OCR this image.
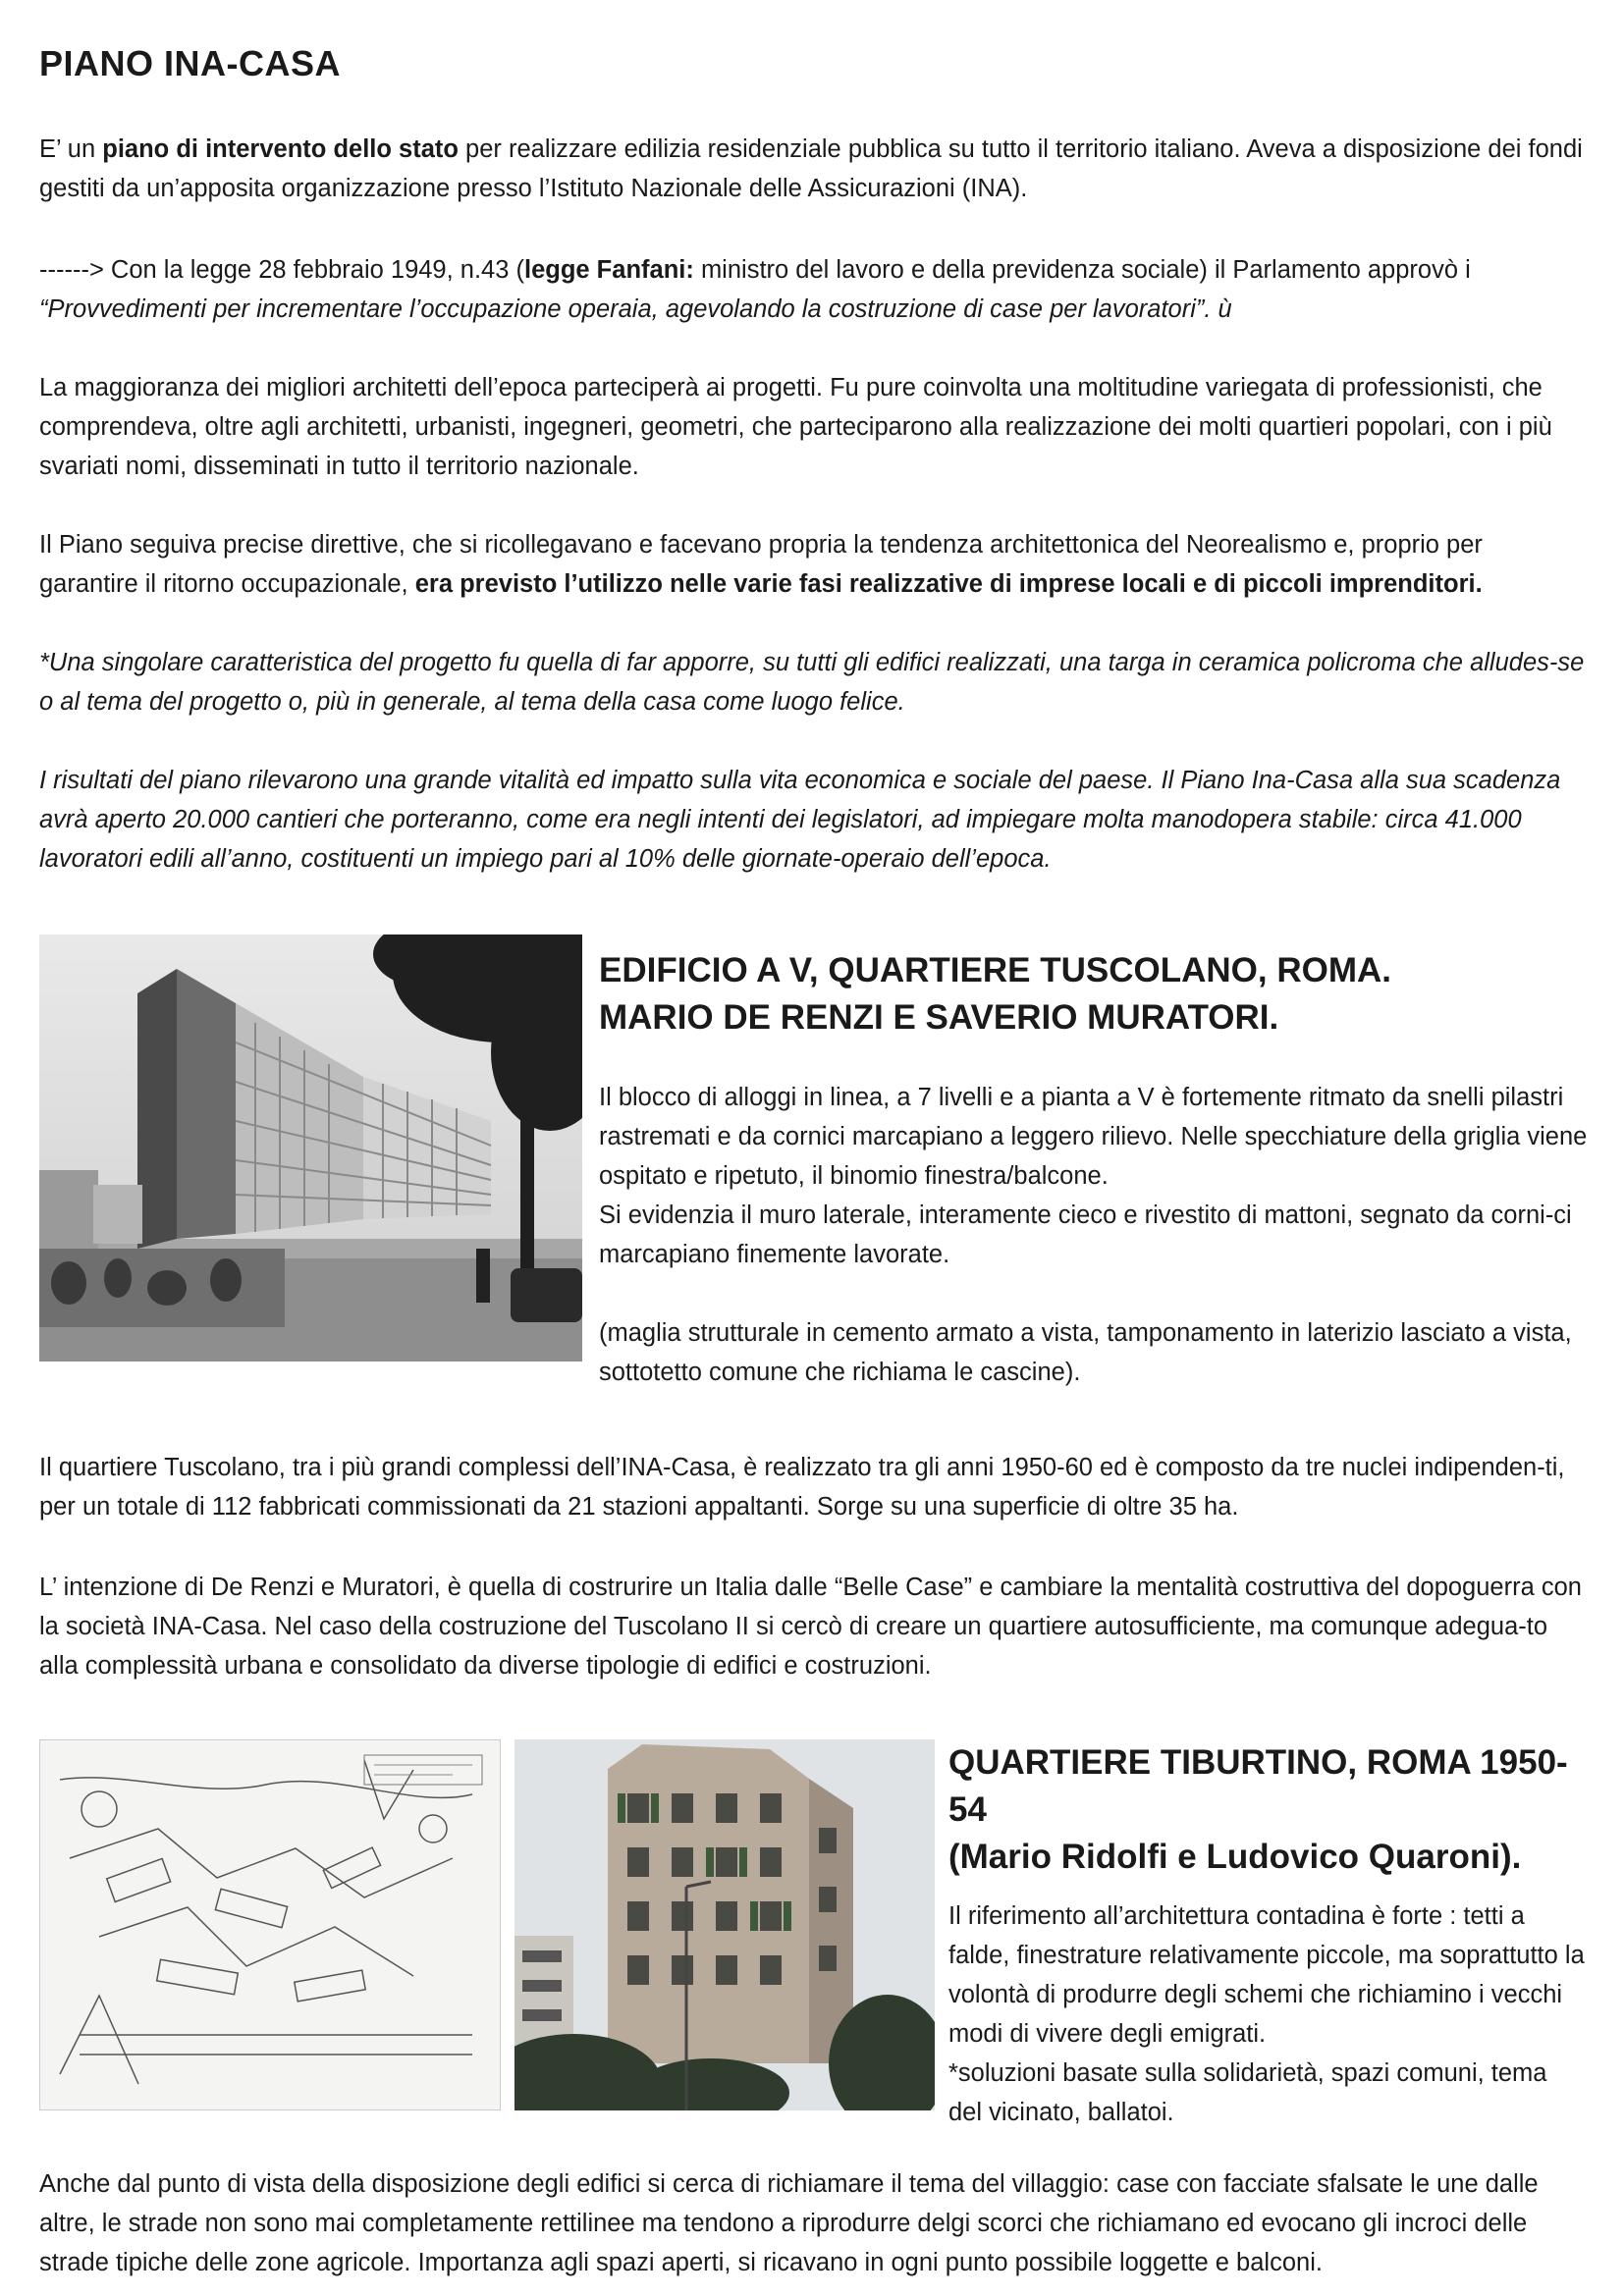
PIANO INA-CASA

E’ un piano di intervento dello stato per realizzare edilizia residenziale pubblica su tutto il territorio italiano. Aveva a disposizione dei fondi gestiti da un’apposita organizzazione presso l’Istituto Nazionale delle Assicurazioni (INA).

------> Con la legge 28 febbraio 1949, n.43 (legge Fanfani: ministro del lavoro e della previdenza sociale) il Parlamento approvò i “Provvedimenti per incrementare l’occupazione operaia, agevolando la costruzione di case per lavoratori”. ù

La maggioranza dei migliori architetti dell’epoca parteciperà ai progetti. Fu pure coinvolta una moltitudine variegata di professionisti, che comprendeva, oltre agli architetti, urbanisti, ingegneri, geometri, che parteciparono alla realizzazione dei molti quartieri popolari, con i più svariati nomi, disseminati in tutto il territorio nazionale.

Il Piano seguiva precise direttive, che si ricollegavano e facevano propria la tendenza architettonica del Neorealismo e, proprio per garantire il ritorno occupazionale, era previsto l’utilizzo nelle varie fasi realizzative di imprese locali e di piccoli imprenditori.

*Una singolare caratteristica del progetto fu quella di far apporre, su tutti gli edifici realizzati, una targa in ceramica policroma che alludes-se o al tema del progetto o, più in generale, al tema della casa come luogo felice.

I risultati del piano rilevarono una grande vitalità ed impatto sulla vita economica e sociale del paese. Il Piano Ina-Casa alla sua scadenza avrà aperto 20.000 cantieri che porteranno, come era negli intenti dei legislatori, ad impiegare molta manodopera stabile: circa 41.000 lavoratori edili all’anno, costituenti un impiego pari al 10% delle giornate-operaio dell’epoca.

EDIFICIO A V, QUARTIERE TUSCOLANO, ROMA.
MARIO DE RENZI E SAVERIO MURATORI.

Il blocco di alloggi in linea, a 7 livelli e a pianta a V è fortemente ritmato da snelli pilastri rastremati e da cornici marcapiano a leggero rilievo. Nelle specchiature della griglia viene ospitato e ripetuto, il binomio finestra/balcone.
Si evidenzia il muro laterale, interamente cieco e rivestito di mattoni, segnato da corni-ci marcapiano finemente lavorate.

(maglia strutturale in cemento armato a vista, tamponamento in laterizio lasciato a vista, sottotetto comune che richiama le cascine).

Il quartiere Tuscolano, tra i più grandi complessi dell’INA-Casa, è realizzato tra gli anni 1950-60 ed è composto da tre nuclei indipenden-ti, per un totale di 112 fabbricati commissionati da 21 stazioni appaltanti. Sorge su una superficie di oltre 35 ha.

L’ intenzione di De Renzi e Muratori, è quella di costrurire un Italia dalle “Belle Case” e cambiare la mentalità costruttiva del dopoguerra con la società INA-Casa. Nel caso della costruzione del Tuscolano II si cercò di creare un quartiere autosufficiente, ma comunque adegua-to alla complessità urbana e consolidato da diverse tipologie di edifici e costruzioni.

QUARTIERE TIBURTINO, ROMA 1950-54
(Mario Ridolfi e Ludovico Quaroni).

Il riferimento all’architettura contadina è forte : tetti a falde, finestrature relativamente piccole, ma soprattutto la volontà di produrre degli schemi che richiamino i vecchi modi di vivere degli emigrati.
*soluzioni basate sulla solidarietà, spazi comuni, tema del vicinato, ballatoi.

Anche dal punto di vista della disposizione degli edifici si cerca di richiamare il tema del villaggio: case con facciate sfalsate le une dalle altre, le strade non sono mai completamente rettilinee ma tendono a riprodurre delgi scorci che richiamano ed evocano gli incroci delle strade tipiche delle zone agricole. Importanza agli spazi aperti, si ricavano in ogni punto possibile loggette e balconi.
